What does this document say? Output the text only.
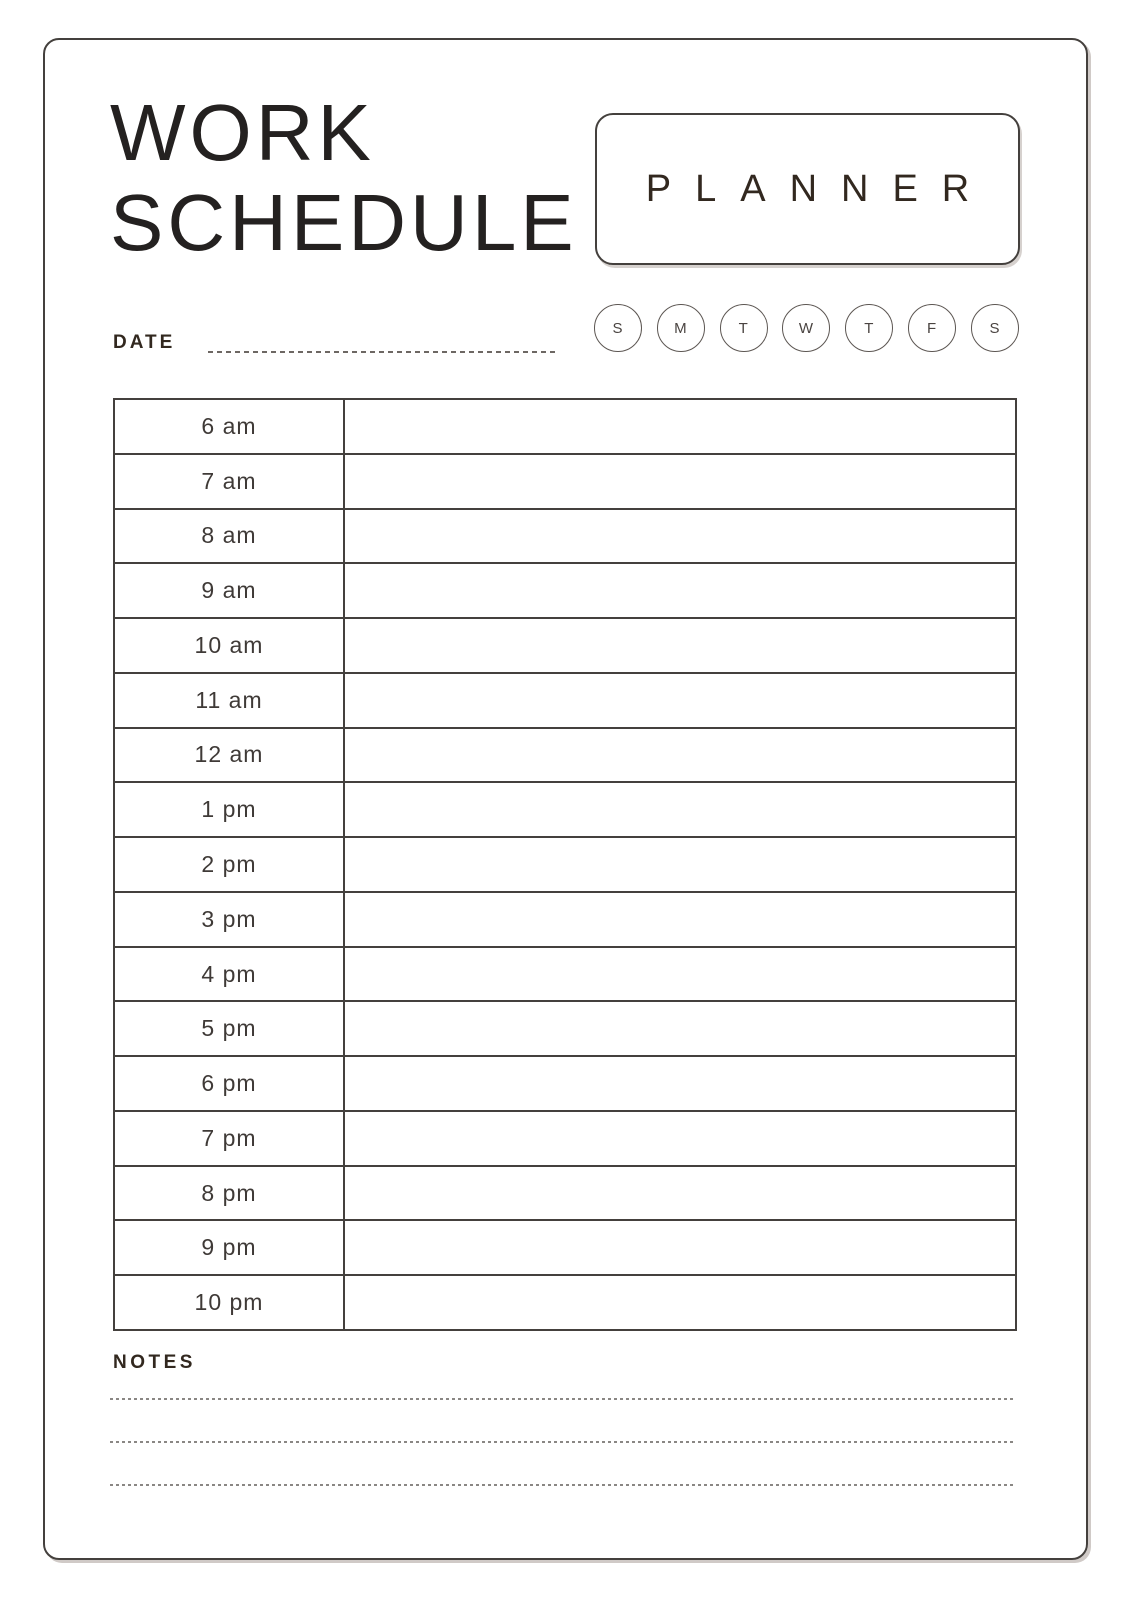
WORK
SCHEDULE	PLANNER
DATE
S	M	T	W	T	F	S
6 am
7 am
8 am
9 am
10 am
11 am
12 am
1 pm
2 pm
3 pm
4 pm
5 pm
6 pm
7 pm
8 pm
9 pm
10 pm
NOTES
